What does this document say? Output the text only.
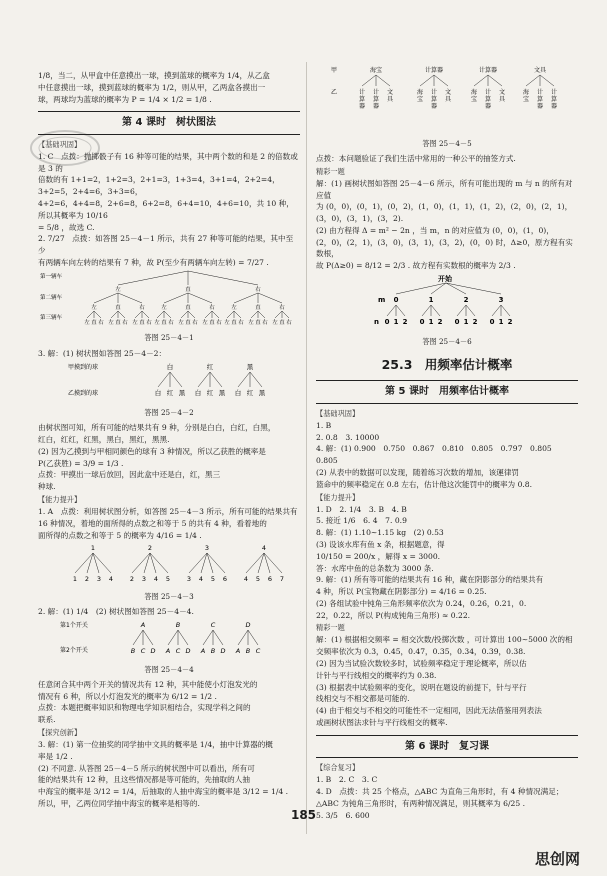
1/8，当二，从甲盒中任意摸出一球，摸到蓝球的概率为 1/4，从乙盒

中任意摸出一球，摸到蓝球的概率为 1/2，则从甲，乙两盒各摸出一

球，两球均为蓝球的概率为 P = 1/4 × 1/2 = 1/8 .

第 4 课时　树状图法
【基础巩固】

1. C　点拨：抛掷骰子有 16 种等可能的结果，其中两个数的和是 2 的倍数或是 3 的

倍数的有 1+1=2，1+2=3，2+1=3，1+3=4，3+1=4，2+2=4，3+2=5，2+4=6，3+3=6，

4+2=6，4+4=8，2+6=8，6+2=8，6+4=10，4+6=10，共 10 种，所以其概率为 10/16

= 5/8 ，故选 C.

2. 7/27　点拨：如答图 25－4－1 所示，共有 27 种等可能的结果，其中至少

有两辆车向左转的结果有 7 种，故 P(至少有两辆车向左转) = 7/27 .

第一辆车
第二辆车
第三辆车
左
左
左 直 右
直
左 直 右
右
左 直 右
直
左
左 直 右
直
左 直 右
右
左 直 右
右
左
左 直 右
直
左 直 右
右
左 直 右
答图 25－4－1

3. 解：(1) 树状图如答图 25－4－2：

甲摸到的球
乙摸到的球
白
白 红 黑
红
白 红 黑
黑
白 红 黑
答图 25－4－2

由树状图可知，所有可能的结果共有 9 种，分别是白白，白红，白黑，

红白，红红，红黑，黑白，黑红，黑黑.

(2) 因为乙摸到与甲相同颜色的球有 3 种情况，所以乙获胜的概率是

P(乙获胜) = 3/9 = 1/3 .

点拨：甲摸出一球后放回，因此盒中还是白，红，黑三

种球.

【能力提升】

1. A　点拨：利用树状图分析，如答图 25－4－3 所示，所有可能的结果共有

16 种情况，着地的面所得的点数之和等于 5 的共有 4 种，看着地的

面所得的点数之和等于 5 的概率为 4/16 = 1/4 .

1
1 2 3 4
2
2 3 4 5
3
3 4 5 6
4
4 5 6 7
答图 25－4－3

2. 解：(1) 1/4　(2) 树状图如答图 25－4－4.

第1个开关
第2个开关
A
B C D
B
A C D
C
A B D
D
A B C
答图 25－4－4

任意闭合其中两个开关的情况共有 12 种，其中能使小灯泡发光的

情况有 6 种，所以小灯泡发光的概率为 6/12 = 1/2 .

点拨：本题把概率知识和物理电学知识相结合，实现学科之间的

联系.

【探究创新】

3. 解：(1) 第一位抽奖的同学抽中文具的概率是 1/4，抽中计算器的概

率是 1/2 .

(2) 不同意. 从答图 25－4－5 所示的树状图中可以看出，所有可

能的结果共有 12 种，且这些情况都是等可能的，先抽取的人抽

中海宝的概率是 3/12 = 1/4，后抽取的人抽中海宝的概率是 3/12 = 1/4 .

所以，甲，乙两位同学抽中海宝的概率是相等的.

甲	海宝	计算器	计算器	文具
乙	计
算
器
计
算
器
文
具
海
宝
计
算
器
文
具
海
宝
计
算
器
文
具
海
宝
计
算
器
计
算
器
答图 25－4－5

点拨：本问题验证了我们生活中常用的一种公平的抽签方式.

精彩一题

解：(1) 画树状图如答图 25－4－6 所示，所有可能出现的 m 与 n 的所有对应值

为 (0，0)，(0，1)，(0，2)，(1，0)，(1，1)，(1，2)，(2，0)，(2，1)，

(3，0)，(3，1)，(3，2).

(2) 由方程得 Δ = m² − 2n ，当 m，n 的对应值为 (0，0)，(1，0)，

(2，0)，(2，1)，(3，0)，(3，1)，(3，2)，(0，0) 时，Δ≥0，原方程有实数根，

故 P(Δ≥0) = 8/12 = 2/3 . 故方程有实数根的概率为 2/3 .

开始
m
n
0
0 1 2
1
0 1 2
2
0 1 2
3
0 1 2
答图 25－4－6
25.3　用频率估计概率
第 5 课时　用频率估计概率
【基础巩固】

1. B

2. 0.8　3. 10000

4. 解：(1) 0.900　0.750　0.867　0.810　0.805　0.797　0.805　0.805

(2) 从表中的数据可以发现，随着练习次数的增加，该運律罚

篮命中的频率稳定在 0.8 左右，估计他这次能罚中的概率为 0.8.

【能力提升】

1. D　2. 1/4　3. B　4. B

5. 接近 1/6　6. 4　7. 0.9

8. 解：(1) 1.10∼1.15 kg　(2) 0.53

(3) 设该水库有鱼 x 条，根据题意，得

10/150 = 200/x ，解得 x = 3000.

答：水库中鱼的总条数为 3000 条.

9. 解：(1) 所有等可能的结果共有 16 种，藏在阴影部分的结果共有

4 种，所以 P(宝物藏在阴影部分) = 4/16 = 0.25.

(2) 各组试验中钝角三角形频率依次为 0.24，0.26，0.21，0.

22，0.22，所以 P(构成钝角三角形) ≈ 0.22.

精彩一题

解：(1) 根据相交频率 = 相交次数/投掷次数 ，可计算出 100∼5000 次的相

交频率依次为 0.3，0.45，0.47，0.35，0.34，0.39，0.38.

(2) 因为当试验次数较多时，试验频率稳定于理论概率，所以估

计针与平行线相交的概率约为 0.38.

(3) 根据表中试验频率的变化，说明在题设的前提下，针与平行

线相交与不相交都是可能的.

(4) 由于相交与不相交的可能性不一定相同，因此无法借鉴用列表法

或画树状图法求针与平行线相交的概率.

第 6 课时　复习课
【综合复习】

1. B　2. C　3. C

4. D　点拨：共 25 个格点，△ABC 为直角三角形时，有 4 种情况满足；

△ABC 为钝角三角形时，有两种情况满足，则其概率为 6/25 .

5. 3/5　6. 600

185
思创网
